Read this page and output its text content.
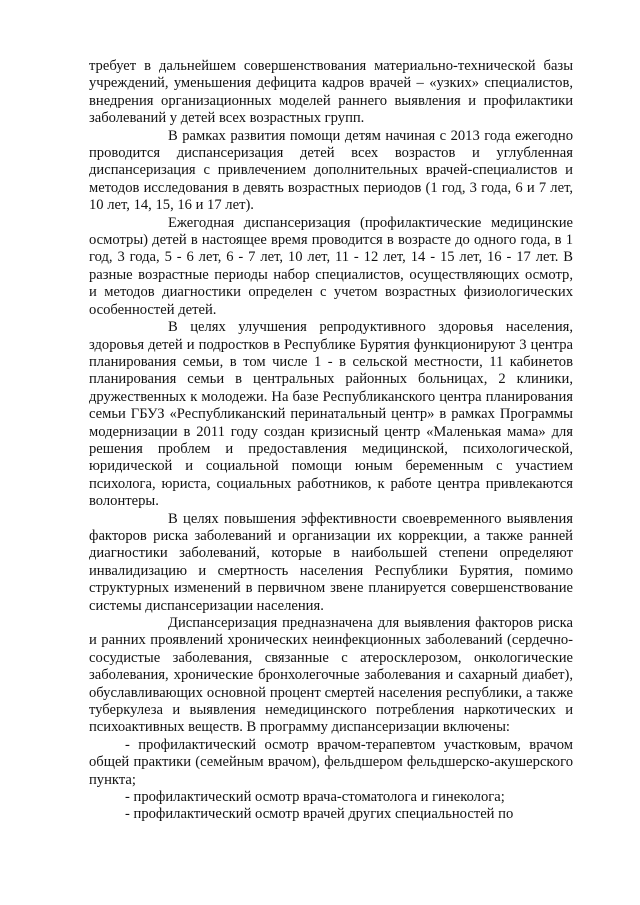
требует в дальнейшем совершенствования материально-технической базы учреждений, уменьшения дефицита кадров врачей – «узких» специалистов, внедрения организационных моделей раннего выявления и профилактики заболеваний у детей всех возрастных групп.

В рамках развития помощи детям начиная с 2013 года ежегодно проводится диспансеризация детей всех возрастов и углубленная диспансеризация с привлечением дополнительных врачей-специалистов и методов исследования в девять возрастных периодов (1 год, 3 года, 6 и 7 лет, 10 лет, 14, 15, 16 и 17 лет).

Ежегодная диспансеризация (профилактические медицинские осмотры) детей в настоящее время проводится в возрасте до одного года, в 1 год, 3 года, 5 - 6 лет, 6 - 7 лет, 10 лет, 11 - 12 лет, 14 - 15 лет, 16 - 17 лет. В разные возрастные периоды набор специалистов, осуществляющих осмотр, и методов диагностики определен с учетом возрастных физиологических особенностей детей.

В целях улучшения репродуктивного здоровья населения, здоровья детей и подростков в Республике Бурятия функционируют 3 центра планирования семьи, в том числе 1 - в сельской местности, 11 кабинетов планирования семьи в центральных районных больницах, 2 клиники, дружественных к молодежи. На базе Республиканского центра планирования семьи ГБУЗ «Республиканский перинатальный центр» в рамках Программы модернизации в 2011 году создан кризисный центр «Маленькая мама» для решения проблем и предоставления медицинской, психологической, юридической и социальной помощи юным беременным с участием психолога, юриста, социальных работников, к работе центра привлекаются волонтеры.

В целях повышения эффективности своевременного выявления факторов риска заболеваний и организации их коррекции, а также ранней диагностики заболеваний, которые в наибольшей степени определяют инвалидизацию и смертность населения Республики Бурятия, помимо структурных изменений в первичном звене планируется совершенствование системы диспансеризации населения.

Диспансеризация предназначена для выявления факторов риска и ранних проявлений хронических неинфекционных заболеваний (сердечно-сосудистые заболевания, связанные с атеросклерозом, онкологические заболевания, хронические бронхолегочные заболевания и сахарный диабет), обуславливающих основной процент смертей населения республики, а также туберкулеза и выявления немедицинского потребления наркотических и психоактивных веществ. В программу диспансеризации включены:

- профилактический осмотр врачом-терапевтом участковым, врачом общей практики (семейным врачом), фельдшером фельдшерско-акушерского пункта;

- профилактический осмотр врача-стоматолога и гинеколога;

- профилактический осмотр врачей других специальностей по
